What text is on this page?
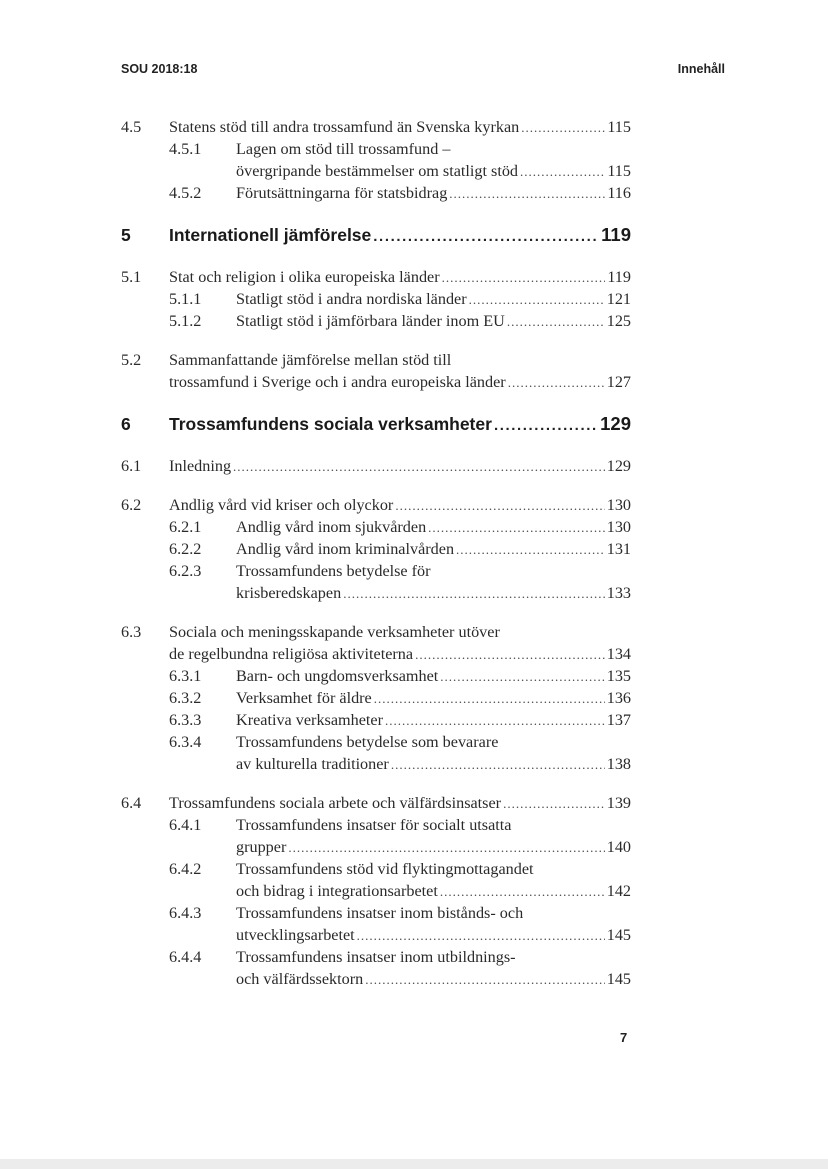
SOU 2018:18	Innehåll
4.5 Statens stöd till andra trossamfund än Svenska kyrkan .....	115
4.5.1 Lagen om stöd till trossamfund –
övergripande bestämmelser om statligt stöd .....	115
4.5.2 Förutsättningarna för statsbidrag .....	116
5 Internationell jämförelse .....	119
5.1 Stat och religion i olika europeiska länder .....	119
5.1.1 Statligt stöd i andra nordiska länder .....	121
5.1.2 Statligt stöd i jämförbara länder inom EU .....	125
5.2 Sammanfattande jämförelse mellan stöd till
trossamfund i Sverige och i andra europeiska länder .....	127
6 Trossamfundens sociala verksamheter .....	129
6.1 Inledning .....	129
6.2 Andlig vård vid kriser och olyckor .....	130
6.2.1 Andlig vård inom sjukvården .....	130
6.2.2 Andlig vård inom kriminalvården .....	131
6.2.3 Trossamfundens betydelse för
krisberedskapen .....	133
6.3 Sociala och meningsskapande verksamheter utöver
de regelbundna religiösa aktiviteterna .....	134
6.3.1 Barn- och ungdomsverksamhet .....	135
6.3.2 Verksamhet för äldre .....	136
6.3.3 Kreativa verksamheter .....	137
6.3.4 Trossamfundens betydelse som bevarare
av kulturella traditioner .....	138
6.4 Trossamfundens sociala arbete och välfärdsinsatser .....	139
6.4.1 Trossamfundens insatser för socialt utsatta
grupper .....	140
6.4.2 Trossamfundens stöd vid flyktingmottagandet
och bidrag i integrationsarbetet .....	142
6.4.3 Trossamfundens insatser inom bistånds- och
utvecklingsarbetet .....	145
6.4.4 Trossamfundens insatser inom utbildnings-
och välfärdssektorn .....	145
7
